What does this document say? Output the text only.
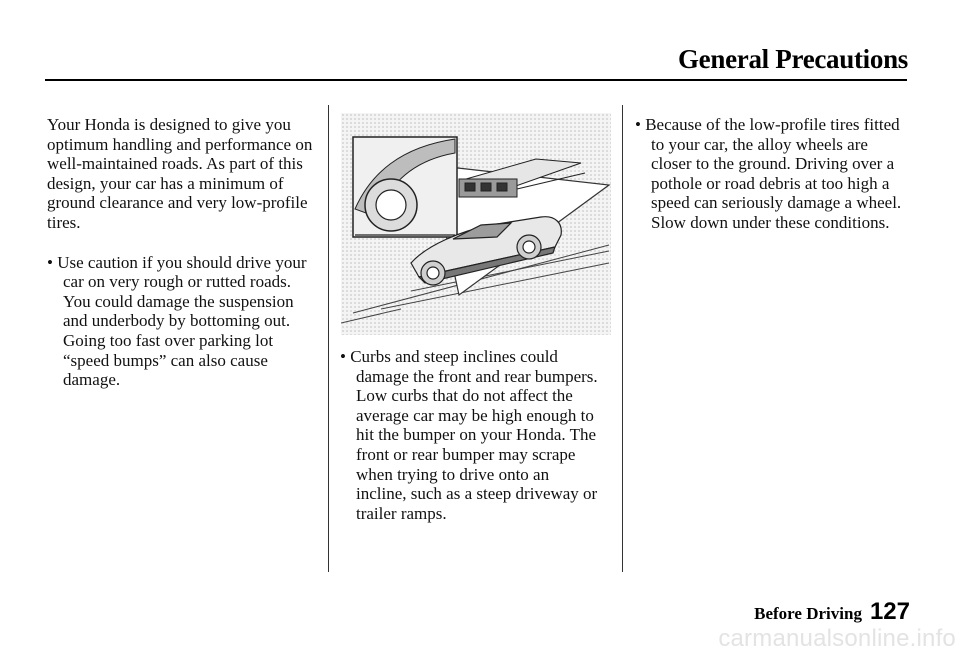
General Precautions

Your Honda is designed to give you optimum handling and performance on well-maintained roads. As part of this design, your car has a minimum of ground clearance and very low-profile tires.

• Use caution if you should drive your car on very rough or rutted roads. You could damage the suspension and underbody by bottoming out. Going too fast over parking lot “speed bumps” can also cause damage.

• Curbs and steep inclines could damage the front and rear bumpers. Low curbs that do not affect the average car may be high enough to hit the bumper on your Honda. The front or rear bumper may scrape when trying to drive onto an incline, such as a steep driveway or trailer ramps.

• Because of the low-profile tires fitted to your car, the alloy wheels are closer to the ground. Driving over a pothole or road debris at too high a speed can seriously damage a wheel. Slow down under these conditions.

Before Driving 127
carmanualsonline.info
